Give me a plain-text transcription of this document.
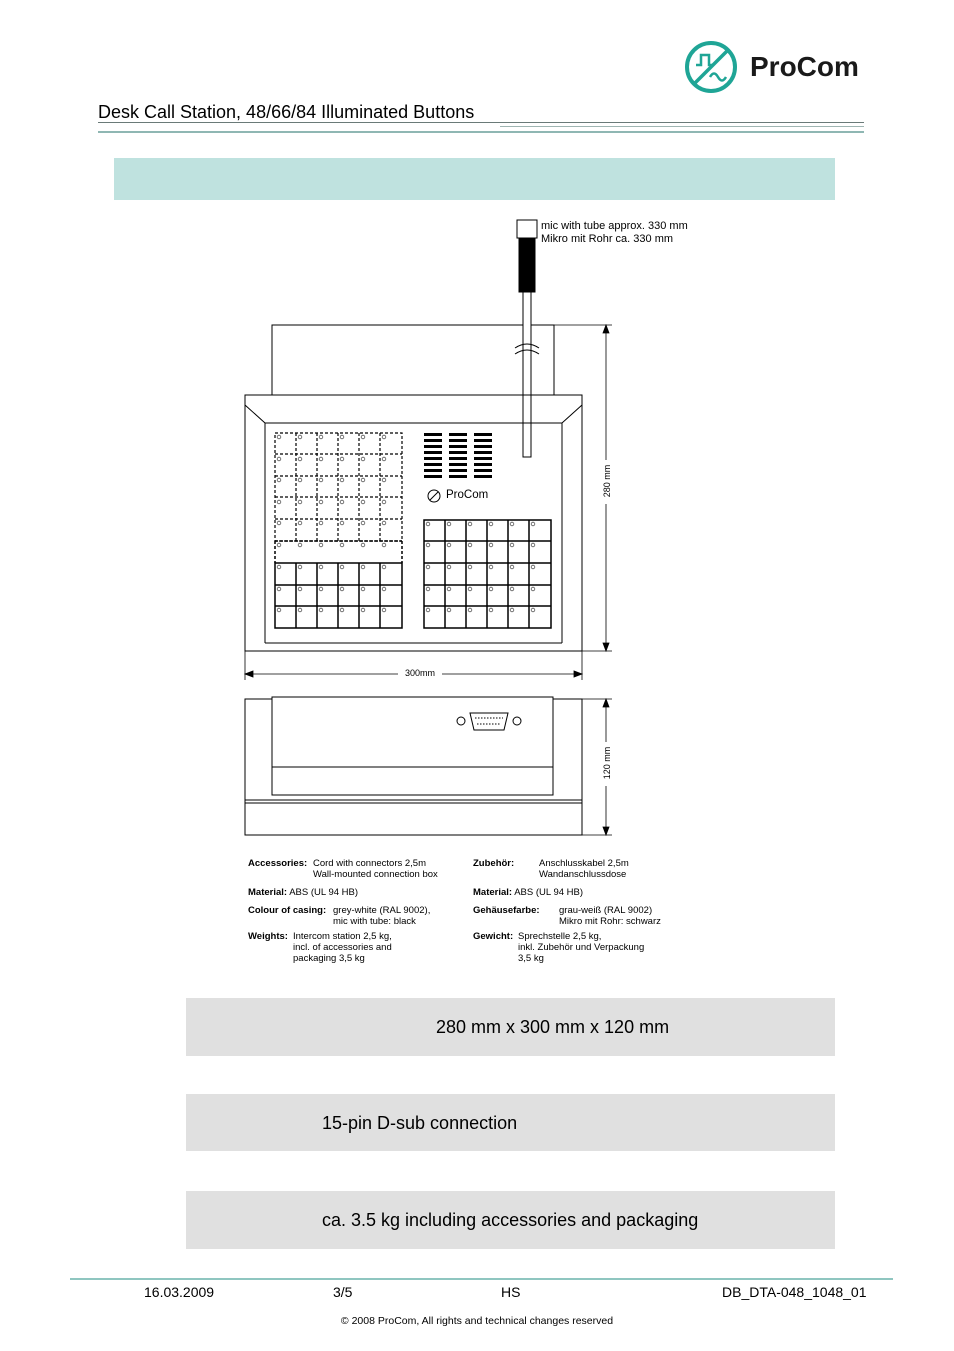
ProCom
Desk Call Station, 48/66/84 Illuminated Buttons
mic with tube approx. 330 mm
Mikro mit Rohr ca. 330 mm
ProCom	280 mm
300mm
120 mm
Accessories: Cord with connectors 2,5m
Wall-mounted connection box
Material: ABS (UL 94 HB)
Colour of casing: grey-white (RAL 9002),
mic with tube: black
Weights: Intercom station 2,5 kg,
incl. of accessories and
packaging 3,5 kg
Zubehör:	Anschlusskabel 2,5m
Wandanschlussdose
Material: ABS (UL 94 HB)
Gehäusefarbe: grau-weiß (RAL 9002)
Mikro mit Rohr: schwarz
Gewicht: Sprechstelle 2,5 kg,
inkl. Zubehör und Verpackung
3,5 kg
280 mm x 300 mm x 120 mm
15-pin D-sub connection
ca. 3.5 kg including accessories and packaging
16.03.2009	3/5	HS	DB_DTA-048_1048_01
© 2008 ProCom, All rights and technical changes reserved
